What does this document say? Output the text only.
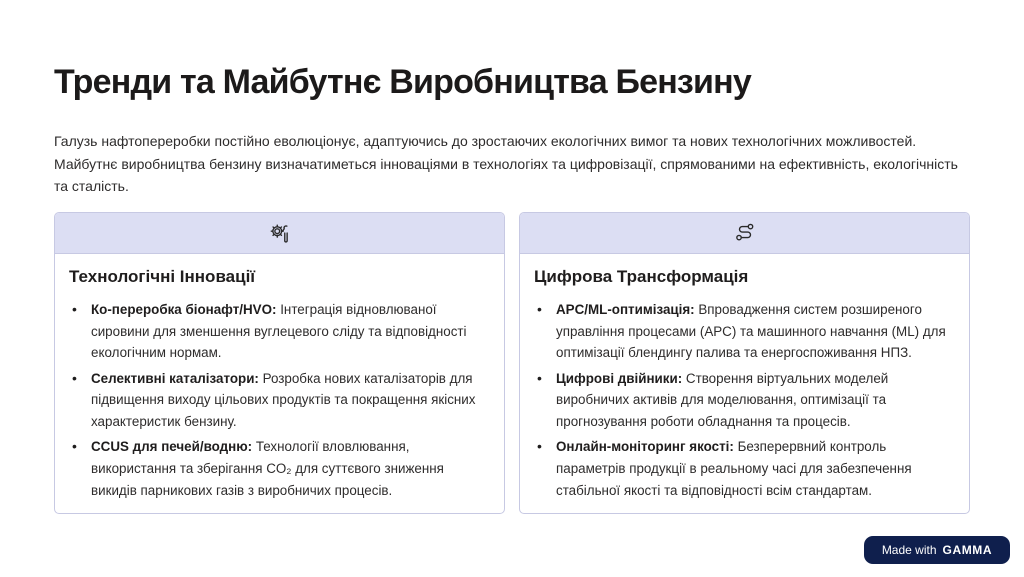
Тренди та Майбутнє Виробництва Бензину

Галузь нафтопереробки постійно еволюціонує, адаптуючись до зростаючих екологічних вимог та нових технологічних можливостей. Майбутнє виробництва бензину визначатиметься інноваціями в технологіях та цифровізації, спрямованими на ефективність, екологічність та сталість.

Технологічні Інновації
• Ко-переробка біонафт/HVO: Інтеграція відновлюваної сировини для зменшення вуглецевого сліду та відповідності екологічним нормам.
• Селективні каталізатори: Розробка нових каталізаторів для підвищення виходу цільових продуктів та покращення якісних характеристик бензину.
• CCUS для печей/водню: Технології вловлювання, використання та зберігання CO₂ для суттєвого зниження викидів парникових газів з виробничих процесів.
Цифрова Трансформація
• APC/ML-оптимізація: Впровадження систем розширеного управління процесами (APC) та машинного навчання (ML) для оптимізації блендингу палива та енергоспоживання НПЗ.
• Цифрові двійники: Створення віртуальних моделей виробничих активів для моделювання, оптимізації та прогнозування роботи обладнання та процесів.
• Онлайн-моніторинг якості: Безперервний контроль параметрів продукції в реальному часі для забезпечення стабільної якості та відповідності всім стандартам.
Made with GAMMA
